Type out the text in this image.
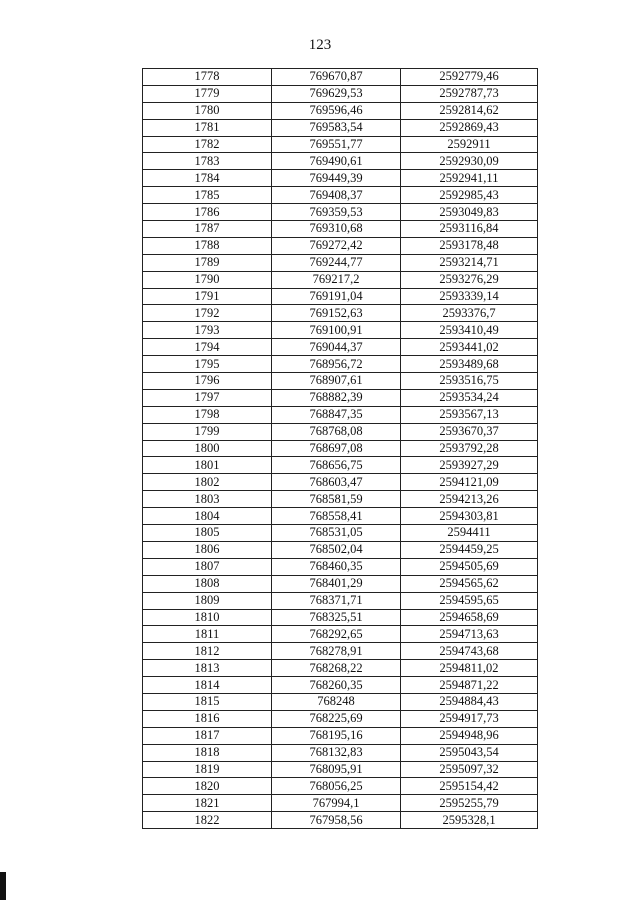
123
1778	769670,87	2592779,46
1779	769629,53	2592787,73
1780	769596,46	2592814,62
1781	769583,54	2592869,43
1782	769551,77	2592911
1783	769490,61	2592930,09
1784	769449,39	2592941,11
1785	769408,37	2592985,43
1786	769359,53	2593049,83
1787	769310,68	2593116,84
1788	769272,42	2593178,48
1789	769244,77	2593214,71
1790	769217,2	2593276,29
1791	769191,04	2593339,14
1792	769152,63	2593376,7
1793	769100,91	2593410,49
1794	769044,37	2593441,02
1795	768956,72	2593489,68
1796	768907,61	2593516,75
1797	768882,39	2593534,24
1798	768847,35	2593567,13
1799	768768,08	2593670,37
1800	768697,08	2593792,28
1801	768656,75	2593927,29
1802	768603,47	2594121,09
1803	768581,59	2594213,26
1804	768558,41	2594303,81
1805	768531,05	2594411
1806	768502,04	2594459,25
1807	768460,35	2594505,69
1808	768401,29	2594565,62
1809	768371,71	2594595,65
1810	768325,51	2594658,69
1811	768292,65	2594713,63
1812	768278,91	2594743,68
1813	768268,22	2594811,02
1814	768260,35	2594871,22
1815	768248	2594884,43
1816	768225,69	2594917,73
1817	768195,16	2594948,96
1818	768132,83	2595043,54
1819	768095,91	2595097,32
1820	768056,25	2595154,42
1821	767994,1	2595255,79
1822	767958,56	2595328,1
